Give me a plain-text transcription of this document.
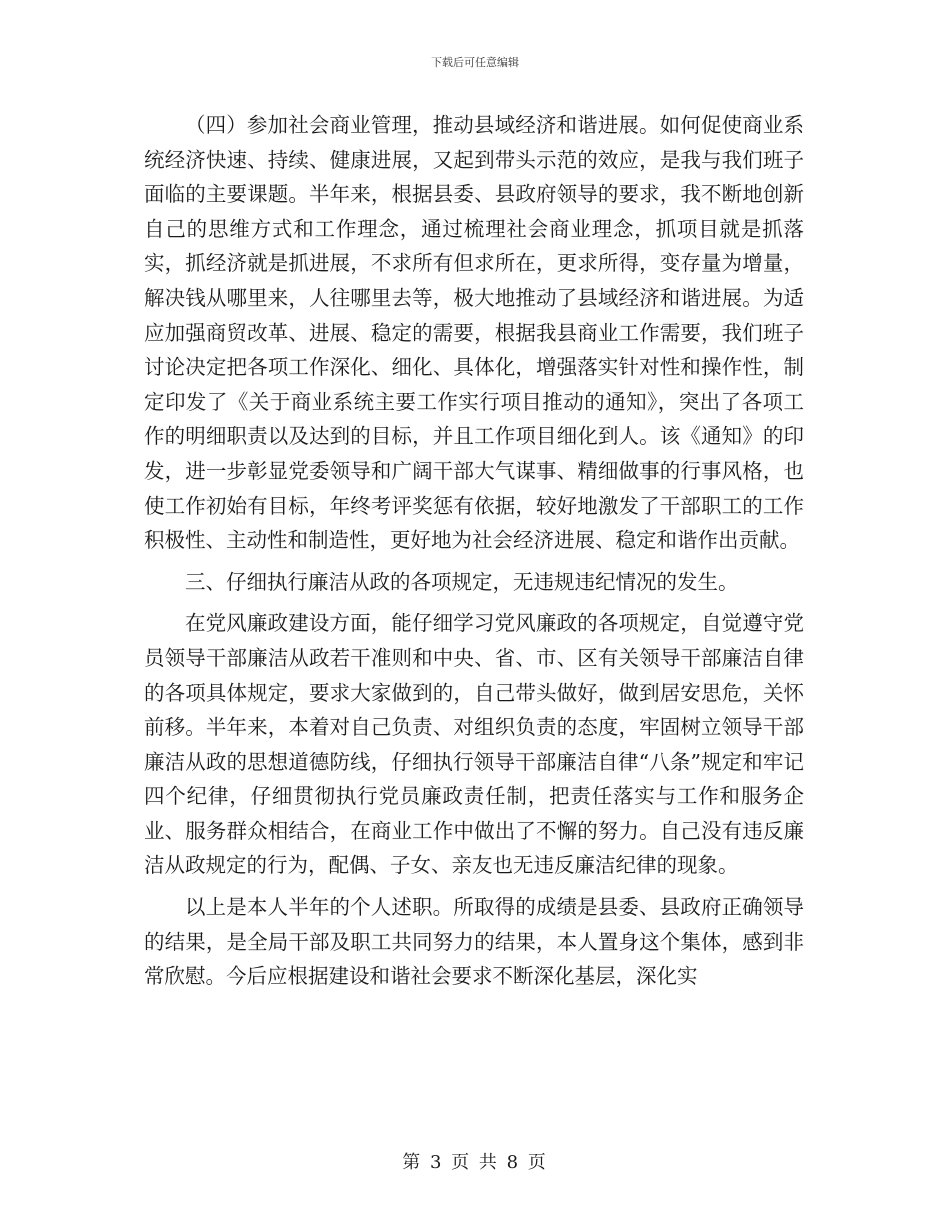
下载后可任意编辑

（四）参加社会商业管理，推动县域经济和谐进展。如何促使商业系统经济快速、持续、健康进展，又起到带头示范的效应，是我与我们班子面临的主要课题。半年来，根据县委、县政府领导的要求，我不断地创新自己的思维方式和工作理念，通过梳理社会商业理念，抓项目就是抓落实，抓经济就是抓进展，不求所有但求所在，更求所得，变存量为增量，解决钱从哪里来，人往哪里去等，极大地推动了县域经济和谐进展。为适应加强商贸改革、进展、稳定的需要，根据我县商业工作需要，我们班子讨论决定把各项工作深化、细化、具体化，增强落实针对性和操作性，制定印发了《关于商业系统主要工作实行项目推动的通知》，突出了各项工作的明细职责以及达到的目标，并且工作项目细化到人。该《通知》的印发，进一步彰显党委领导和广阔干部大气谋事、精细做事的行事风格，也使工作初始有目标，年终考评奖惩有依据，较好地激发了干部职工的工作积极性、主动性和制造性，更好地为社会经济进展、稳定和谐作出贡献。

三、仔细执行廉洁从政的各项规定，无违规违纪情况的发生。

在党风廉政建设方面，能仔细学习党风廉政的各项规定，自觉遵守党员领导干部廉洁从政若干准则和中央、省、市、区有关领导干部廉洁自律的各项具体规定，要求大家做到的，自己带头做好，做到居安思危，关怀前移。半年来，本着对自己负责、对组织负责的态度，牢固树立领导干部廉洁从政的思想道德防线，仔细执行领导干部廉洁自律“八条”规定和牢记四个纪律，仔细贯彻执行党员廉政责任制，把责任落实与工作和服务企业、服务群众相结合，在商业工作中做出了不懈的努力。自己没有违反廉洁从政规定的行为，配偶、子女、亲友也无违反廉洁纪律的现象。

以上是本人半年的个人述职。所取得的成绩是县委、县政府正确领导的结果，是全局干部及职工共同努力的结果，本人置身这个集体，感到非常欣慰。今后应根据建设和谐社会要求不断深化基层，深化实

第 3 页 共 8 页
